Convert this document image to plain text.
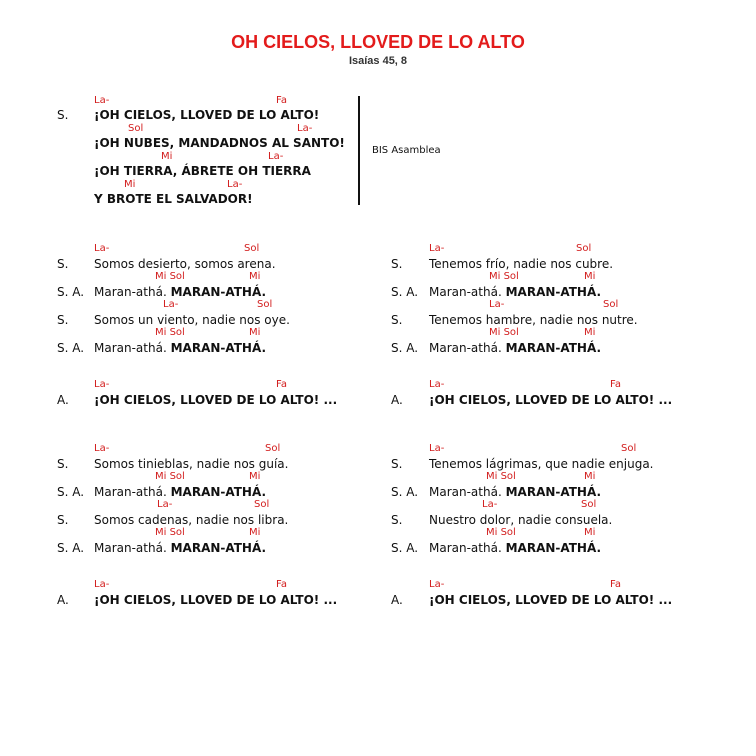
OH CIELOS, LLOVED DE LO ALTO
Isaías 45, 8
S.
La-	Fa
¡OH CIELOS, LLOVED DE LO ALTO!
Sol	La-
¡OH NUBES, MANDADNOS AL SANTO!
Mi	La-
¡OH TIERRA, ÁBRETE OH TIERRA
Mi	La-
Y BROTE EL SALVADOR!
BIS Asamblea
La-	Sol
S. Somos desierto, somos arena.
Mi Sol	Mi
S. A. Maran-athá. MARAN-ATHÁ.
La-	Sol
S. Somos un viento, nadie nos oye.
Mi Sol	Mi
S. A. Maran-athá. MARAN-ATHÁ.
La-	Sol
S. Tenemos frío, nadie nos cubre.
Mi Sol	Mi
S. A. Maran-athá. MARAN-ATHÁ.
La-	Sol
S. Tenemos hambre, nadie nos nutre.
Mi Sol	Mi
S. A. Maran-athá. MARAN-ATHÁ.
La-	Fa
A. ¡OH CIELOS, LLOVED DE LO ALTO! ...
La-	Fa
A. ¡OH CIELOS, LLOVED DE LO ALTO! ...
La-	Sol
S. Somos tinieblas, nadie nos guía.
Mi Sol	Mi
S. A. Maran-athá. MARAN-ATHÁ.
La-	Sol
S. Somos cadenas, nadie nos libra.
Mi Sol	Mi
S. A. Maran-athá. MARAN-ATHÁ.
La-	Sol
S. Tenemos lágrimas, que nadie enjuga.
Mi Sol	Mi
S. A. Maran-athá. MARAN-ATHÁ.
La-	Sol
S. Nuestro dolor, nadie consuela.
Mi Sol	Mi
S. A. Maran-athá. MARAN-ATHÁ.
La-	Fa
A. ¡OH CIELOS, LLOVED DE LO ALTO! ...
La-	Fa
A. ¡OH CIELOS, LLOVED DE LO ALTO! ...
